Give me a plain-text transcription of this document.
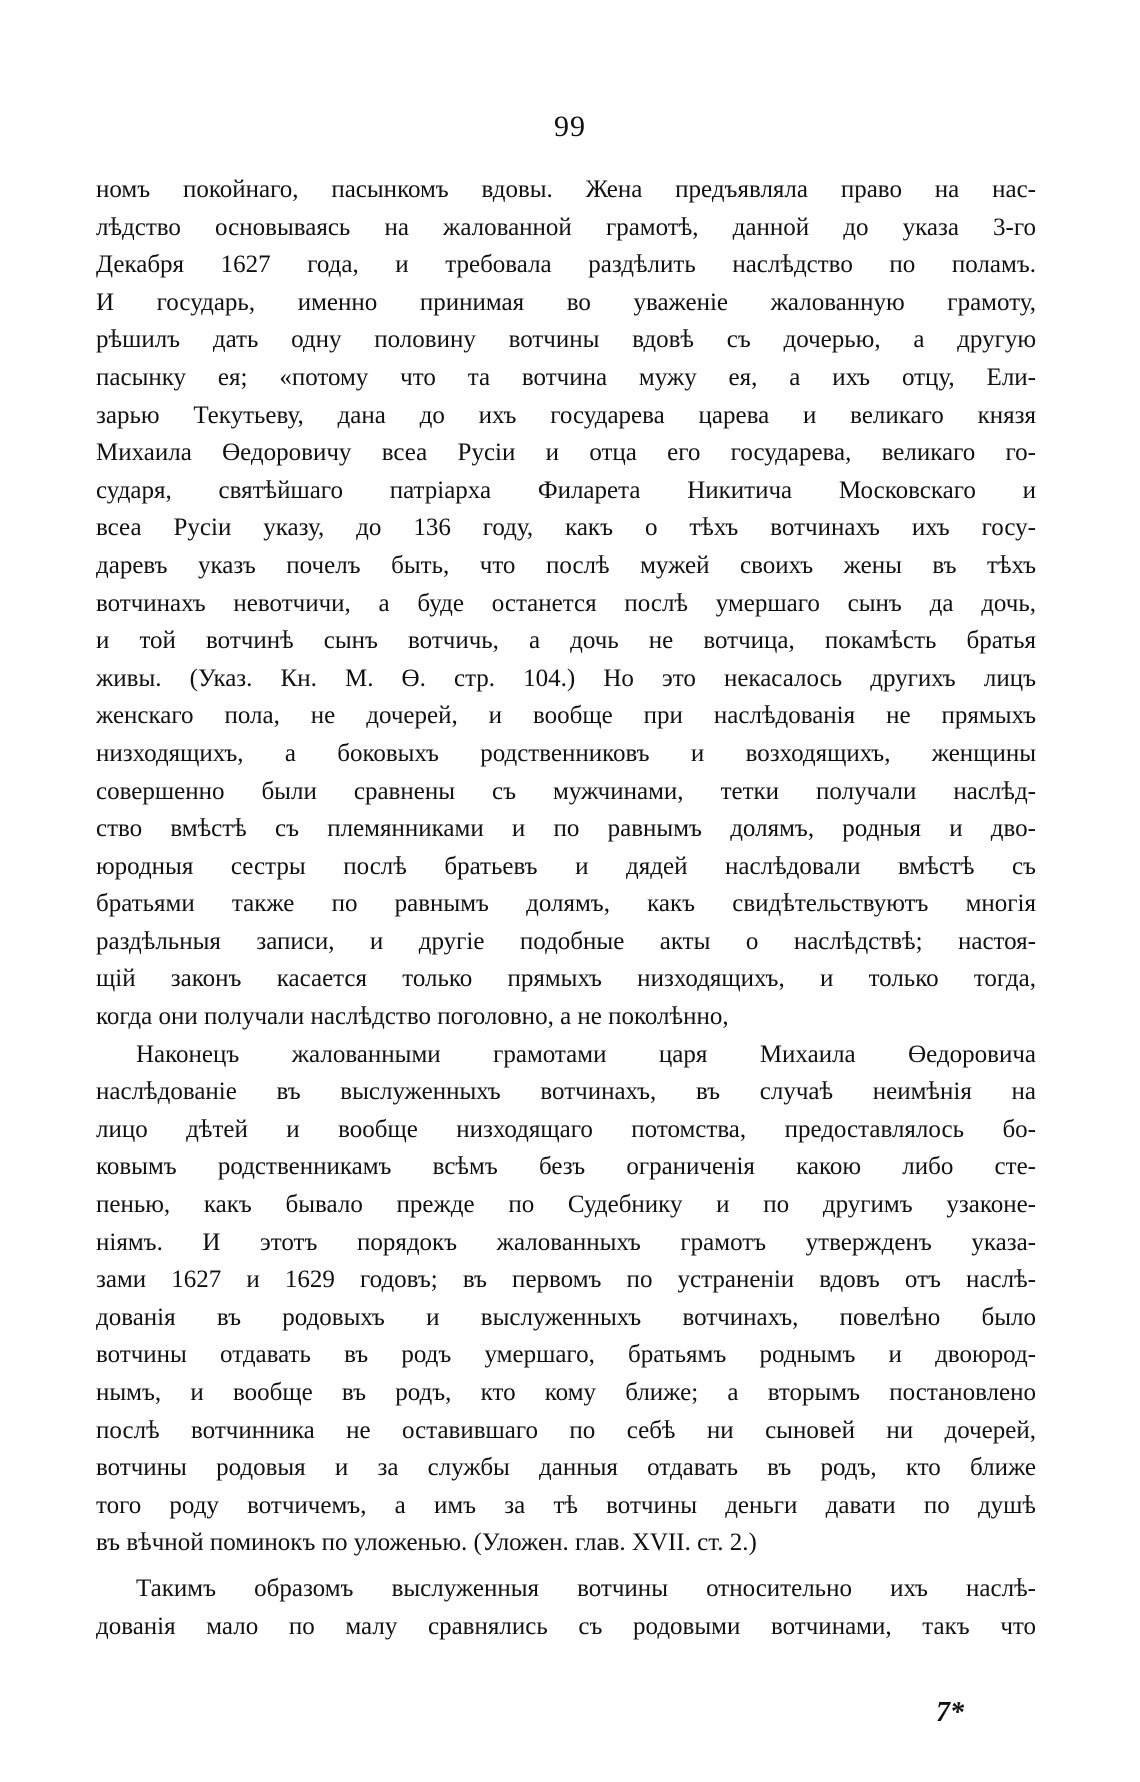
99
номъ покойнаго, пасынкомъ вдовы. Жена предъявляла право на нас-
лѣдство основываясь на жалованной грамотѣ, данной до указа 3-го
Декабря 1627 года, и требовала раздѣлить наслѣдство по поламъ.
И государь, именно принимая во уваженіе жалованную грамоту,
рѣшилъ дать одну половину вотчины вдовѣ съ дочерью, а другую
пасынку ея; «потому что та вотчина мужу ея, а ихъ отцу, Ели-
зарью Текутьеву, дана до ихъ государева царева и великаго князя
Михаила Өедоровичу всеа Русіи и отца его государева, великаго го-
сударя, святѣйшаго патріарха Филарета Никитича Московскаго и
всеа Русіи указу, до 136 году, какъ о тѣхъ вотчинахъ ихъ госу-
даревъ указъ почелъ быть, что послѣ мужей своихъ жены въ тѣхъ
вотчинахъ невотчичи, а буде останется послѣ умершаго сынъ да дочь,
и той вотчинѣ сынъ вотчичь, а дочь не вотчица, покамѣсть братья
живы. (Указ. Кн. М. Ө. стр. 104.) Но это некасалось другихъ лицъ
женскаго пола, не дочерей, и вообще при наслѣдованія не прямыхъ
низходящихъ, а боковыхъ родственниковъ и возходящихъ, женщины
совершенно были сравнены съ мужчинами, тетки получали наслѣд-
ство вмѣстѣ съ племянниками и по равнымъ долямъ, родныя и дво-
юродныя сестры послѣ братьевъ и дядей наслѣдовали вмѣстѣ съ
братьями также по равнымъ долямъ, какъ свидѣтельствуютъ многія
раздѣльныя записи, и другіе подобные акты о наслѣдствѣ; настоя-
щій законъ касается только прямыхъ низходящихъ, и только тогда,
когда они получали наслѣдство поголовно, а не поколѣнно,
Наконецъ жалованными грамотами царя Михаила Өедоровича
наслѣдованіе въ выслуженныхъ вотчинахъ, въ случаѣ неимѣнія на
лицо дѣтей и вообще низходящаго потомства, предоставлялось бо-
ковымъ родственникамъ всѣмъ безъ ограниченія какою либо сте-
пенью, какъ бывало прежде по Судебнику и по другимъ узаконе-
ніямъ. И этотъ порядокъ жалованныхъ грамотъ утвержденъ указа-
зами 1627 и 1629 годовъ; въ первомъ по устраненіи вдовъ отъ наслѣ-
дованія въ родовыхъ и выслуженныхъ вотчинахъ, повелѣно было
вотчины отдавать въ родъ умершаго, братьямъ роднымъ и двоюрод-
нымъ, и вообще въ родъ, кто кому ближе; а вторымъ постановлено
послѣ вотчинника не оставившаго по себѣ ни сыновей ни дочерей,
вотчины родовыя и за службы данныя отдавать въ родъ, кто ближе
того роду вотчичемъ, а имъ за тѣ вотчины деньги давати по душѣ
въ вѣчной поминокъ по уложенью. (Уложен. глав. XVII. ст. 2.)
Такимъ образомъ выслуженныя вотчины относительно ихъ наслѣ-
дованія мало по малу сравнялись съ родовыми вотчинами, такъ что
7*
